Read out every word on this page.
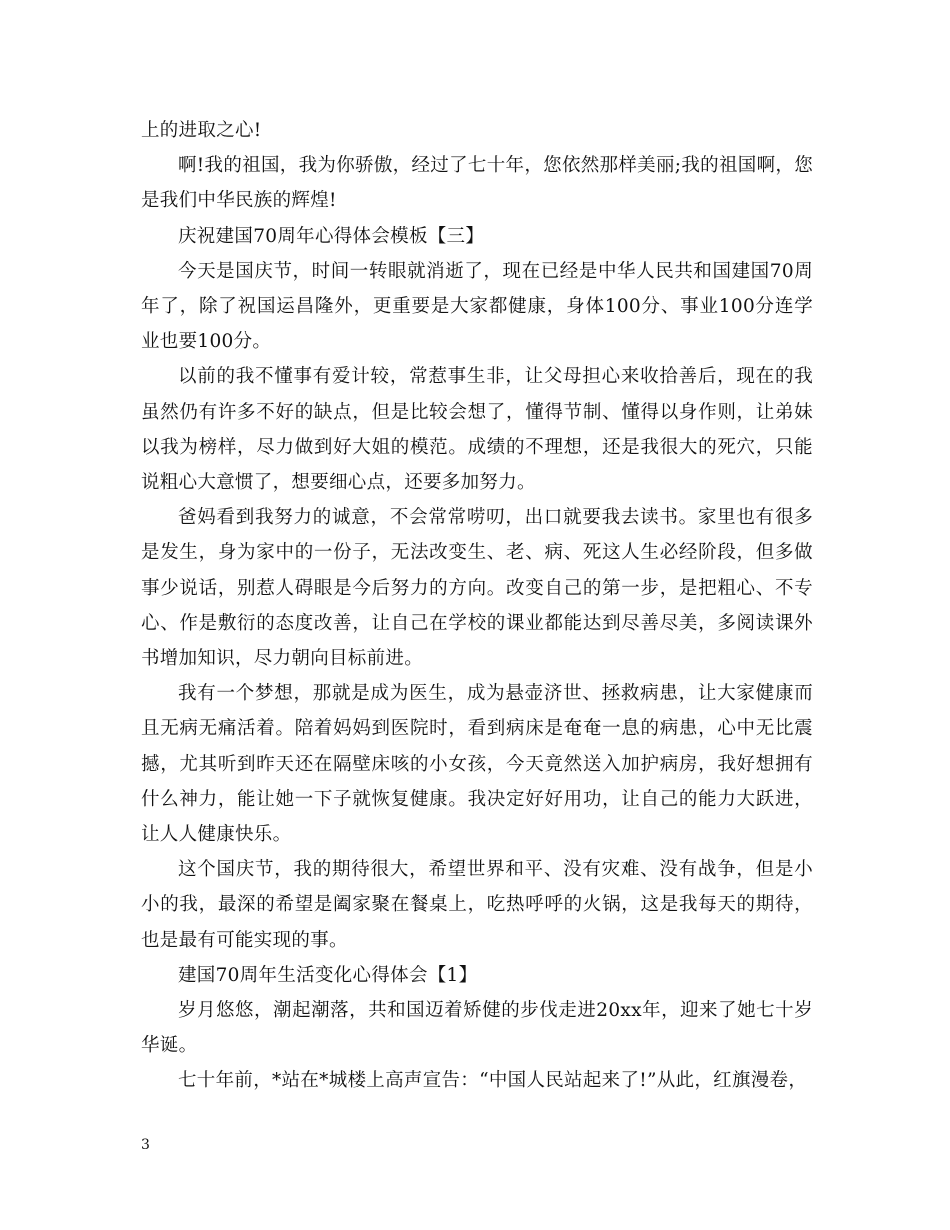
上的进取之心!

啊!我的祖国，我为你骄傲，经过了七十年，您依然那样美丽;我的祖国啊，您是我们中华民族的辉煌!

庆祝建国70周年心得体会模板【三】

今天是国庆节，时间一转眼就消逝了，现在已经是中华人民共和国建国70周年了，除了祝国运昌隆外，更重要是大家都健康，身体100分、事业100分连学业也要100分。

以前的我不懂事有爱计较，常惹事生非，让父母担心来收拾善后，现在的我虽然仍有许多不好的缺点，但是比较会想了，懂得节制、懂得以身作则，让弟妹以我为榜样，尽力做到好大姐的模范。成绩的不理想，还是我很大的死穴，只能说粗心大意惯了，想要细心点，还要多加努力。

爸妈看到我努力的诚意，不会常常唠叨，出口就要我去读书。家里也有很多是发生，身为家中的一份子，无法改变生、老、病、死这人生必经阶段，但多做事少说话，别惹人碍眼是今后努力的方向。改变自己的第一步，是把粗心、不专心、作是敷衍的态度改善，让自己在学校的课业都能达到尽善尽美，多阅读课外书增加知识，尽力朝向目标前进。

我有一个梦想，那就是成为医生，成为悬壶济世、拯救病患，让大家健康而且无病无痛活着。陪着妈妈到医院时，看到病床是奄奄一息的病患，心中无比震撼，尤其听到昨天还在隔壁床咳的小女孩，今天竟然送入加护病房，我好想拥有什么神力，能让她一下子就恢复健康。我决定好好用功，让自己的能力大跃进，让人人健康快乐。

这个国庆节，我的期待很大，希望世界和平、没有灾难、没有战争，但是小小的我，最深的希望是阖家聚在餐桌上，吃热呼呼的火锅，这是我每天的期待，也是最有可能实现的事。

建国70周年生活变化心得体会【1】

岁月悠悠，潮起潮落，共和国迈着矫健的步伐走进20xx年，迎来了她七十岁华诞。

七十年前，*站在*城楼上高声宣告：“中国人民站起来了!”从此，红旗漫卷，

3
